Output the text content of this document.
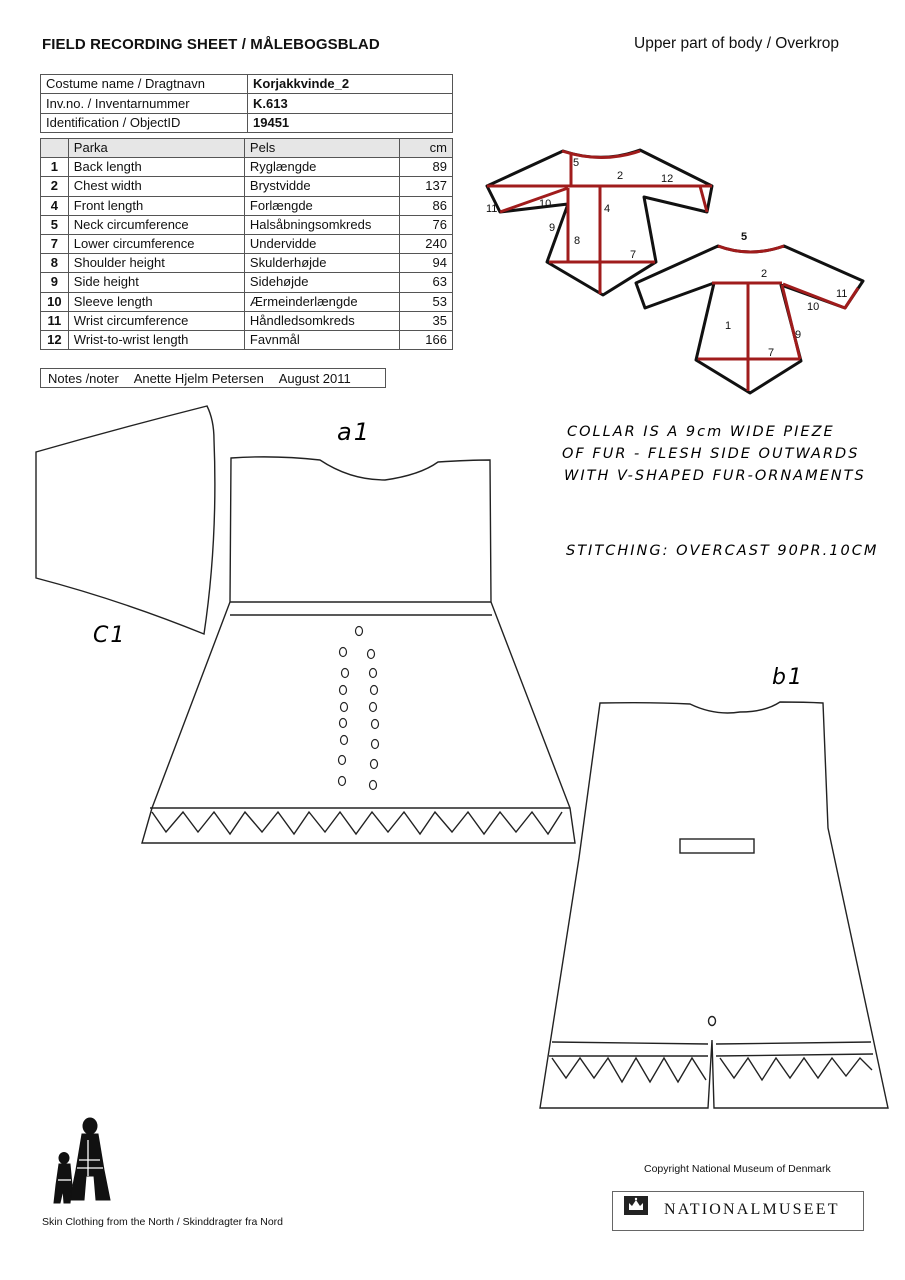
FIELD RECORDING SHEET / MÅLEBOGSBLAD	Upper part of body / Overkrop
Costume name / Dragtnavn	Korjakkvinde_2
Inv.no. / Inventarnummer	K.613
Identification / ObjectID	19451
	Parka	Pels	cm
1	Back length	Ryglængde	89
2	Chest width	Brystvidde	137
4	Front length	Forlængde	86
5	Neck circumference	Halsåbningsomkreds	76
7	Lower circumference	Undervidde	240
8	Shoulder height	Skulderhøjde	94
9	Side height	Sidehøjde	63
10	Sleeve length	Ærmeinderlængde	53
11	Wrist circumference	Håndledsomkreds	35
12	Wrist-to-wrist length	Favnmål	166
Notes /noter Anette Hjelm Petersen August 2011
5
2	12
11	10	4
9
8
7
5
2
11
10
1
9
7
a1
b1
C1
COLLAR IS A 9cm WIDE PIEZE
OF FUR - FLESH SIDE OUTWARDS
WITH V-SHAPED FUR-ORNAMENTS
STITCHING: OVERCAST 90PR.10CM
Skin Clothing from the North / Skinddragter fra Nord
Copyright National Museum of Denmark
NATIONALMUSEET
